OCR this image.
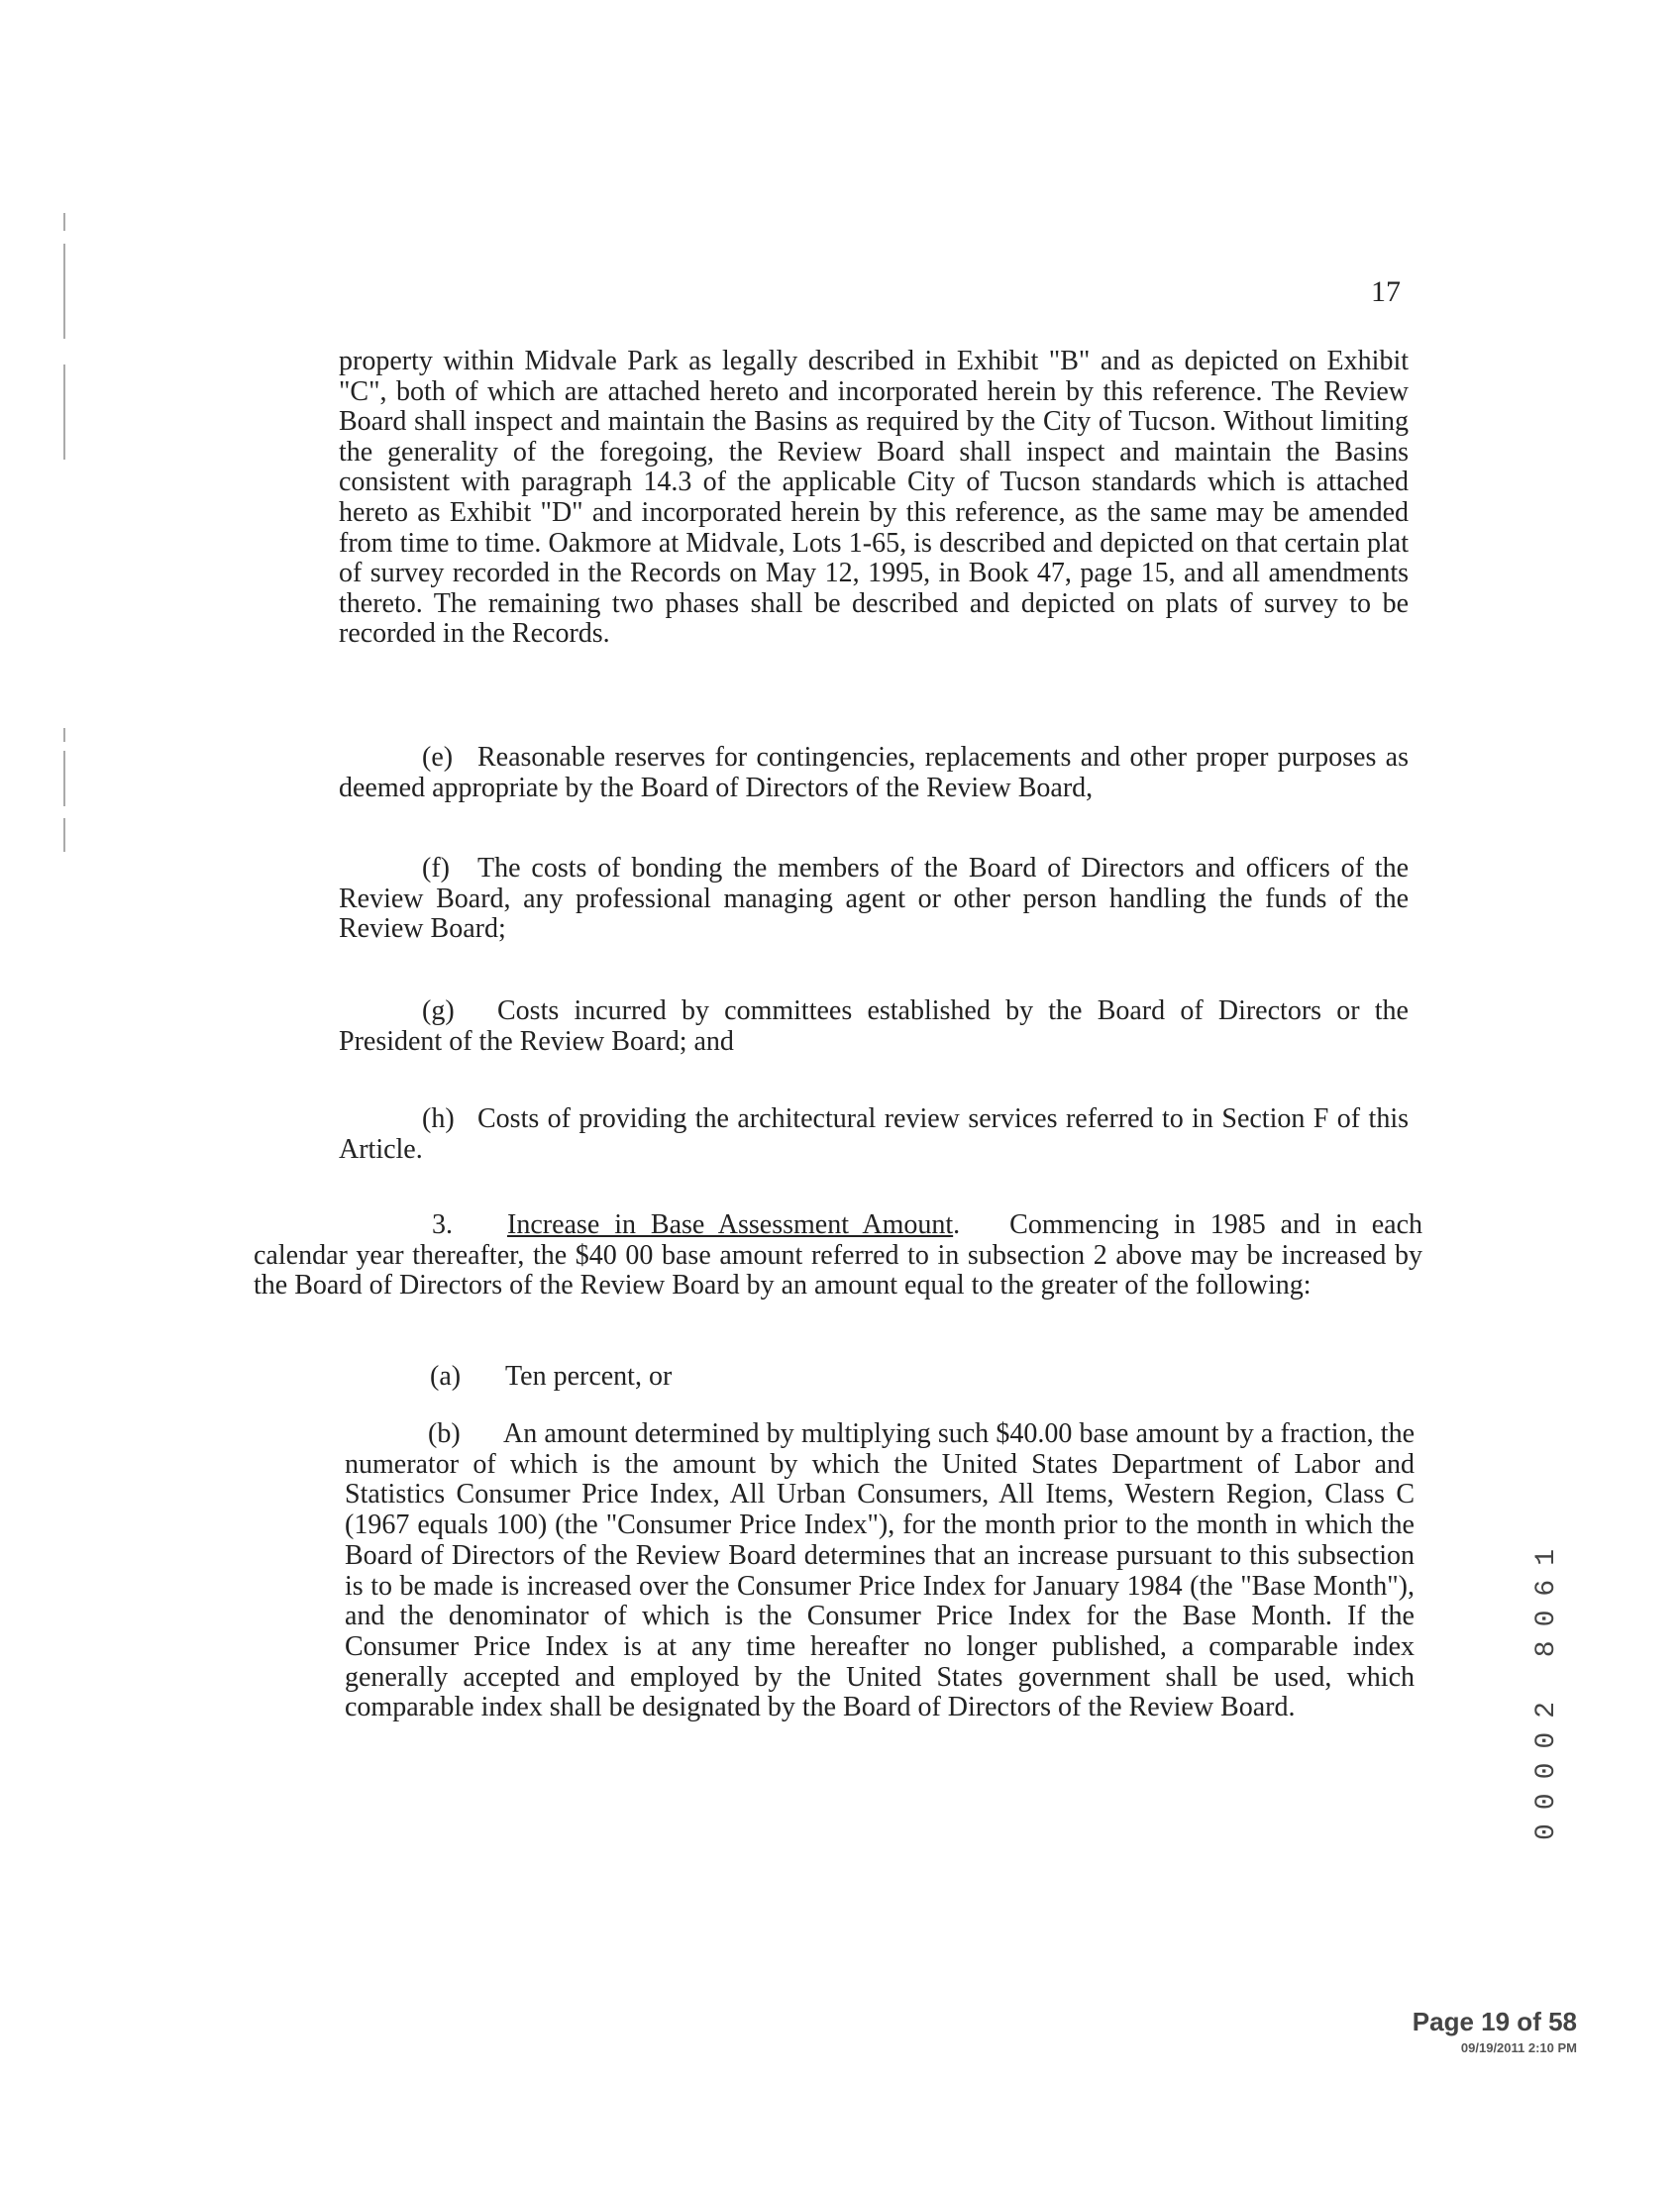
17

property within Midvale Park as legally described in Exhibit "B" and as depicted on Exhibit "C", both of which are attached hereto and incorporated herein by this reference. The Review Board shall inspect and maintain the Basins as required by the City of Tucson. Without limiting the generality of the foregoing, the Review Board shall inspect and maintain the Basins consistent with paragraph 14.3 of the applicable City of Tucson standards which is attached hereto as Exhibit "D" and incorporated herein by this reference, as the same may be amended from time to time. Oakmore at Midvale, Lots 1-65, is described and depicted on that certain plat of survey recorded in the Records on May 12, 1995, in Book 47, page 15, and all amendments thereto. The remaining two phases shall be described and depicted on plats of survey to be recorded in the Records.

(e) Reasonable reserves for contingencies, replacements and other proper purposes as deemed appropriate by the Board of Directors of the Review Board,

(f) The costs of bonding the members of the Board of Directors and officers of the Review Board, any professional managing agent or other person handling the funds of the Review Board;

(g) Costs incurred by committees established by the Board of Directors or the President of the Review Board; and

(h) Costs of providing the architectural review services referred to in Section F of this Article.

3. Increase in Base Assessment Amount. Commencing in 1985 and in each calendar year thereafter, the $40 00 base amount referred to in subsection 2 above may be increased by the Board of Directors of the Review Board by an amount equal to the greater of the following:

(a) Ten percent, or

(b) An amount determined by multiplying such $40.00 base amount by a fraction, the numerator of which is the amount by which the United States Department of Labor and Statistics Consumer Price Index, All Urban Consumers, All Items, Western Region, Class C (1967 equals 100) (the "Consumer Price Index"), for the month prior to the month in which the Board of Directors of the Review Board determines that an increase pursuant to this subsection is to be made is increased over the Consumer Price Index for January 1984 (the "Base Month"), and the denominator of which is the Consumer Price Index for the Base Month. If the Consumer Price Index is at any time hereafter no longer published, a comparable index generally accepted and employed by the United States government shall be used, which comparable index shall be designated by the Board of Directors of the Review Board.	00002 8061
Page 19 of 58
09/19/2011 2:10 PM
